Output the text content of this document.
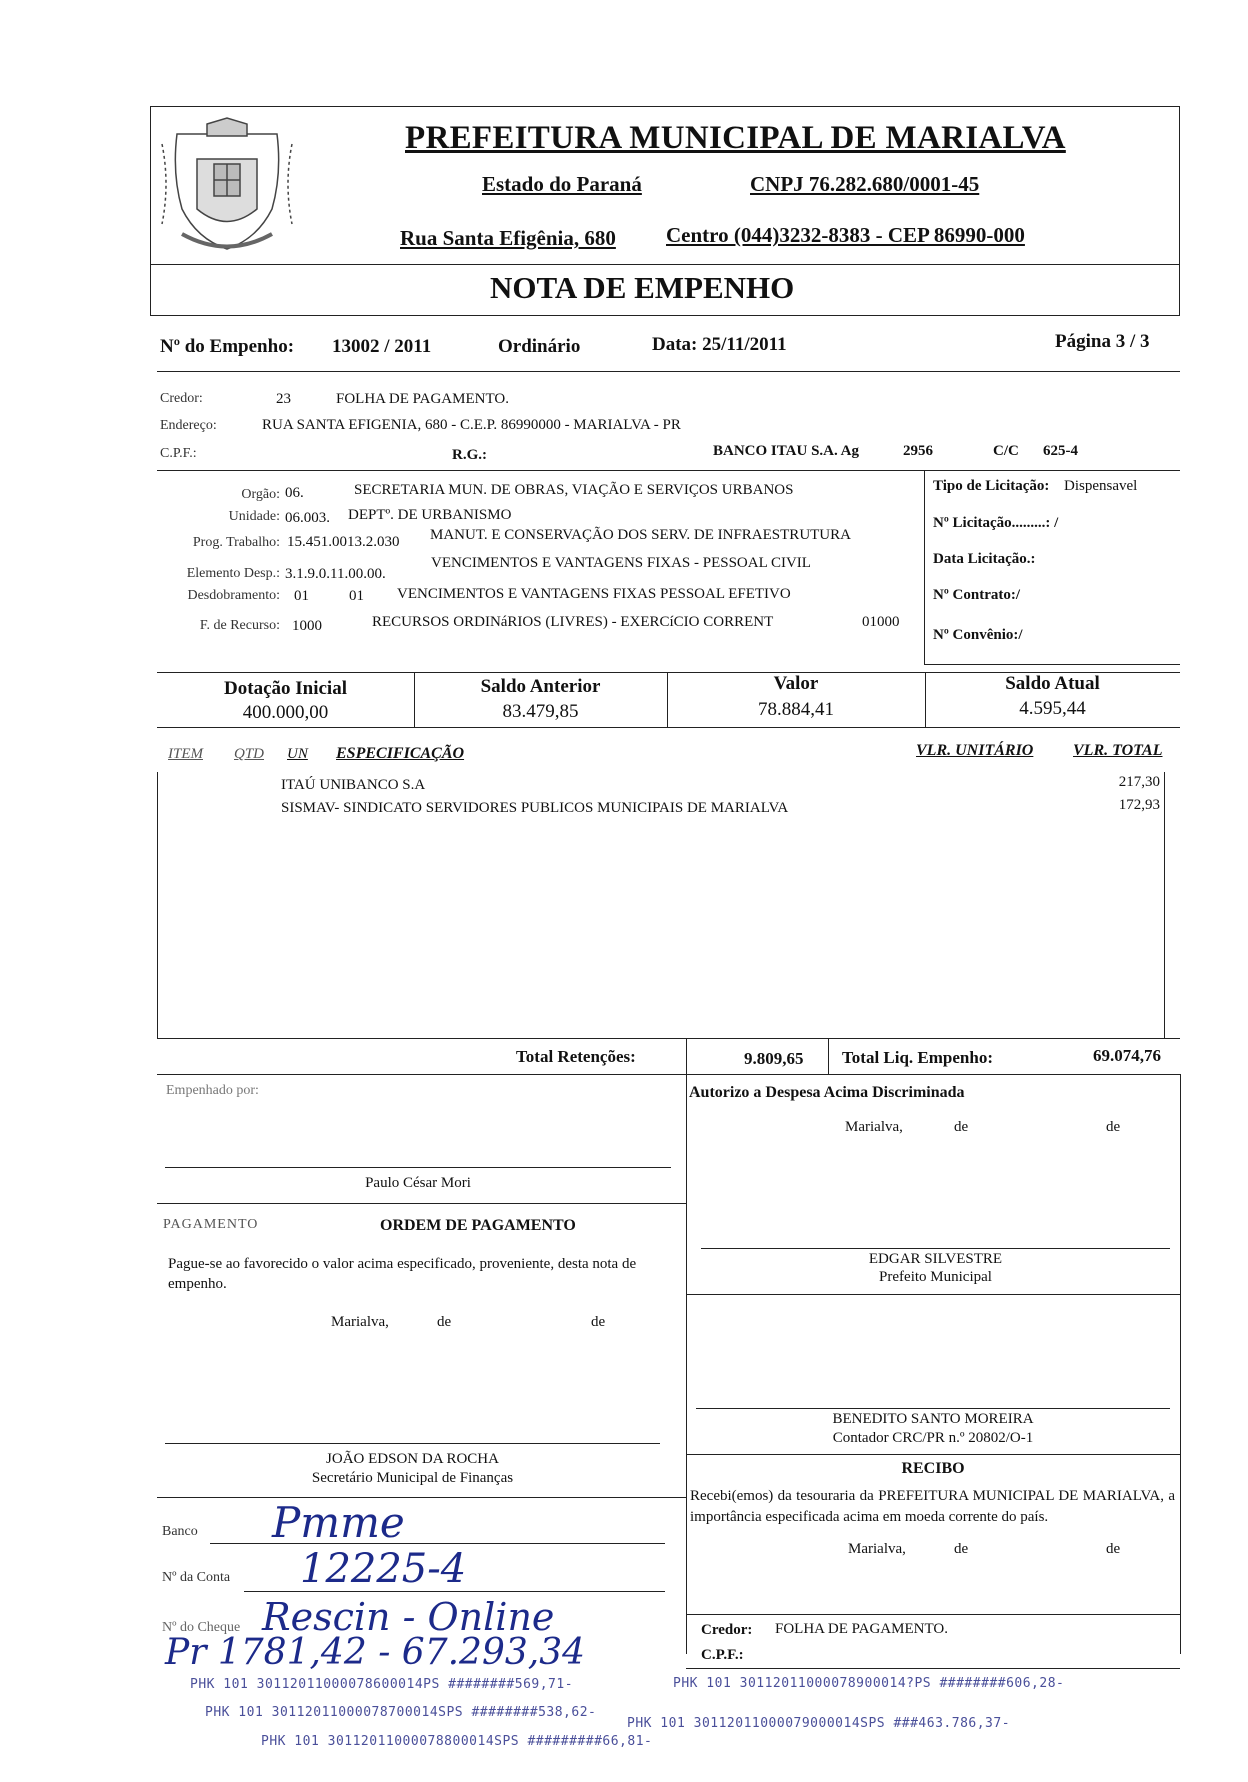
PREFEITURA MUNICIPAL DE MARIALVA
Estado do Paraná	CNPJ 76.282.680/0001-45
Rua Santa Efigênia, 680 Centro (044)3232-8383 - CEP 86990-000
NOTA DE EMPENHO
Nº do Empenho: 13002 / 2011	Ordinário	Data: 25/11/2011	Página 3 / 3
Credor:	23	FOLHA DE PAGAMENTO.
Endereço:	RUA SANTA EFIGENIA, 680 - C.E.P. 86990000 - MARIALVA - PR
C.P.F.:	R.G.:	BANCO ITAU S.A. Ag	2956	C/C 625-4
Orgão: 06.	SECRETARIA MUN. DE OBRAS, VIAÇÃO E SERVIÇOS URBANOS
Unidade: 06.003. DEPTº. DE URBANISMO
Prog. Trabalho: 15.451.0013.2.030 MANUT. E CONSERVAÇÃO DOS SERV. DE INFRAESTRUTURA
Elemento Desp.: 3.1.9.0.11.00.00.
VENCIMENTOS E VANTAGENS FIXAS - PESSOAL CIVIL
Desdobramento: 01	01 VENCIMENTOS E VANTAGENS FIXAS PESSOAL EFETIVO
F. de Recurso: 1000	RECURSOS ORDINáRIOS (LIVRES) - EXERCíCIO CORRENT	01000
Tipo de Licitação: Dispensavel
Nº Licitação.........: /
Data Licitação.:
Nº Contrato:/
Nº Convênio:/
Dotação Inicial
400.000,00
Saldo Anterior
83.479,85
Valor
78.884,41
Saldo Atual
4.595,44
ITEM QTD UN ESPECIFICAÇÃO	VLR. UNITÁRIO VLR. TOTAL
ITAÚ UNIBANCO S.A	217,30
SISMAV- SINDICATO SERVIDORES PUBLICOS MUNICIPAIS DE MARIALVA	172,93
Total Retenções:	9.809,65 Total Liq. Empenho:	69.074,76
Empenhado por:
Paulo César Mori
PAGAMENTO	ORDEM DE PAGAMENTO
Pague-se ao favorecido o valor acima especificado, proveniente, desta nota de empenho.
Marialva,	de	de
JOÃO EDSON DA ROCHA
Secretário Municipal de Finanças
Banco Pmme
Nº da Conta 12225-4
Nº do Cheque Rescin - Online
Pr 1781,42 - 67.293,34
Autorizo a Despesa Acima Discriminada
Marialva,	de	de
EDGAR SILVESTRE
Prefeito Municipal
BENEDITO SANTO MOREIRA
Contador CRC/PR n.º 20802/O-1
RECIBO
Recebi(emos) da tesouraria da PREFEITURA MUNICIPAL DE MARIALVA, a importância especificada acima em moeda corrente do país.
Marialva,	de	de
Credor: FOLHA DE PAGAMENTO.
C.P.F.:
PHK 101 30112011000078600014PS ########569,71-
PHK 101 30112011000078700014SPS ########538,62-
PHK 101 30112011000078800014SPS #########66,81-
PHK 101 30112011000078900014?PS ########606,28-
PHK 101 30112011000079000014SPS ###463.786,37-
